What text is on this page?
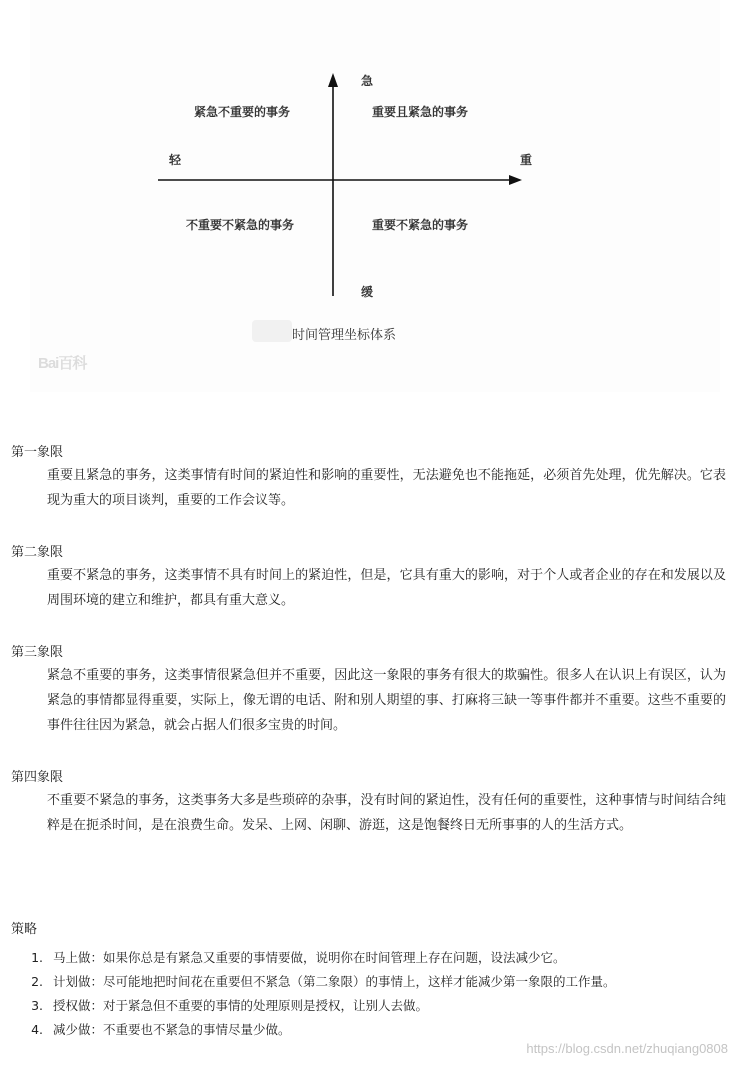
急
缓
轻	重
紧急不重要的事务	重要且紧急的事务
不重要不紧急的事务	重要不紧急的事务
时间管理坐标体系
Bai百科
第一象限
重要且紧急的事务，这类事情有时间的紧迫性和影响的重要性，无法避免也不能拖延，必须首先处理，优先解决。它表现为重大的项目谈判，重要的工作会议等。
第二象限
重要不紧急的事务，这类事情不具有时间上的紧迫性，但是，它具有重大的影响，对于个人或者企业的存在和发展以及周围环境的建立和维护，都具有重大意义。
第三象限
紧急不重要的事务，这类事情很紧急但并不重要，因此这一象限的事务有很大的欺骗性。很多人在认识上有误区，认为紧急的事情都显得重要，实际上，像无谓的电话、附和别人期望的事、打麻将三缺一等事件都并不重要。这些不重要的事件往往因为紧急，就会占据人们很多宝贵的时间。
第四象限
不重要不紧急的事务，这类事务大多是些琐碎的杂事，没有时间的紧迫性，没有任何的重要性，这种事情与时间结合纯粹是在扼杀时间，是在浪费生命。发呆、上网、闲聊、游逛，这是饱餐终日无所事事的人的生活方式。
策略
1. 马上做：如果你总是有紧急又重要的事情要做，说明你在时间管理上存在问题，设法减少它。
2. 计划做：尽可能地把时间花在重要但不紧急（第二象限）的事情上，这样才能减少第一象限的工作量。
3. 授权做：对于紧急但不重要的事情的处理原则是授权，让别人去做。
4. 减少做：不重要也不紧急的事情尽量少做。
https://blog.csdn.net/zhuqiang0808
